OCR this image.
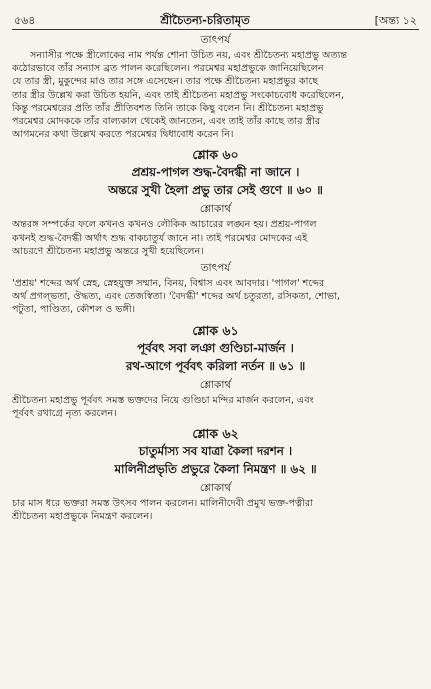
৫৬৪	শ্রীচৈতন্য-চরিতামৃত	[অন্ত্য ১২
তাৎপর্য

সন্যাসীর পক্ষে স্ত্রীলোকের নাম পর্যন্ত শোনা উচিত নয়, এবং শ্রীচৈতন্য মহাপ্রভু অত্যন্ত
কঠোরভাবে তাঁর সন্যাস ব্রত পালন করেছিলেন। পরমেশ্বর মহাপ্রভুকে জানিয়েছিলেন
যে তার স্ত্রী, মুকুন্দের মাও তার সঙ্গে এসেছেন। তার পক্ষে শ্রীচৈতন্য মহাপ্রভুর কাছে
তার স্ত্রীর উল্লেখ করা উচিত হয়নি, এবং তাই শ্রীচৈতন্য মহাপ্রভু সংকোচবোধ করেছিলেন,
কিন্তু পরমেশ্বরের প্রতি তাঁর প্রীতিবশত তিনি তাকে কিছু বলেন নি। শ্রীচৈতন্য মহাপ্রভু
পরমেশ্বর মোদককে তাঁর বাল্যকাল থেকেই জানতেন, এবং তাই তাঁর কাছে তার স্ত্রীর
আগমনের কথা উল্লেখ করতে পরমেশ্বর দ্বিধাবোধ করেন নি।

শ্লোক ৬০
প্রশ্রয়-পাগল শুদ্ধ-বৈদগ্ধী না জানে ।
অন্তরে সুখী হৈলা প্রভু তার সেই গুণে ॥ ৬০ ॥
শ্লোকার্থ

অন্তরঙ্গ সম্পর্কের ফলে কখনও কখনও লৌকিক আচারের লঙ্ঘন হয়। প্রশ্রয়-পাগল
কখনই শুদ্ধ-বৈদগ্ধী অর্থাৎ শুদ্ধ বাকচাতুর্য জানে না। তাই পরমেশ্বর মোদকের এই
আচরণে শ্রীচৈতন্য মহাপ্রভু অন্তরে সুখী হয়েছিলেন।

তাৎপর্য

'প্রশ্রয়' শব্দের অর্থ স্নেহ, স্নেহযুক্ত সম্মান, বিনয়, বিশ্বাস এবং আবদার। 'পাগল' শব্দের
অর্থ প্রগল্ভতা, ঔদ্ধত্য, এবং তেজস্বিতা। 'বৈদগ্ধী' শব্দের অর্থ চতুরতা, রসিকতা, শোভা,
পটুতা, পাণ্ডিত্য, কৌশল ও ভঙ্গী।

শ্লোক ৬১
পূর্ববৎ সবা লঞা গুণ্ডিচা-মার্জন ।
রথ-আগে পূর্ববৎ করিলা নর্তন ॥ ৬১ ॥
শ্লোকার্থ

শ্রীচৈতন্য মহাপ্রভু পূর্ববৎ সমস্ত ভক্তদের নিয়ে গুণ্ডিচা মন্দির মার্জন করলেন, এবং
পূর্ববৎ রথাগ্রে নৃত্য করলেন।

শ্লোক ৬২
চাতুর্মাস্য সব যাত্রা কৈলা দরশন ।
মালিনীপ্রভৃতি প্রভুরে কৈলা নিমন্ত্রণ ॥ ৬২ ॥
শ্লোকার্থ

চার মাস ধরে ভক্তরা সমস্ত উৎসব পালন করলেন। মালিনীদেবী প্রমুখ ভক্ত-পত্নীরা
শ্রীচৈতন্য মহাপ্রভুকে নিমন্ত্রণ করলেন।
